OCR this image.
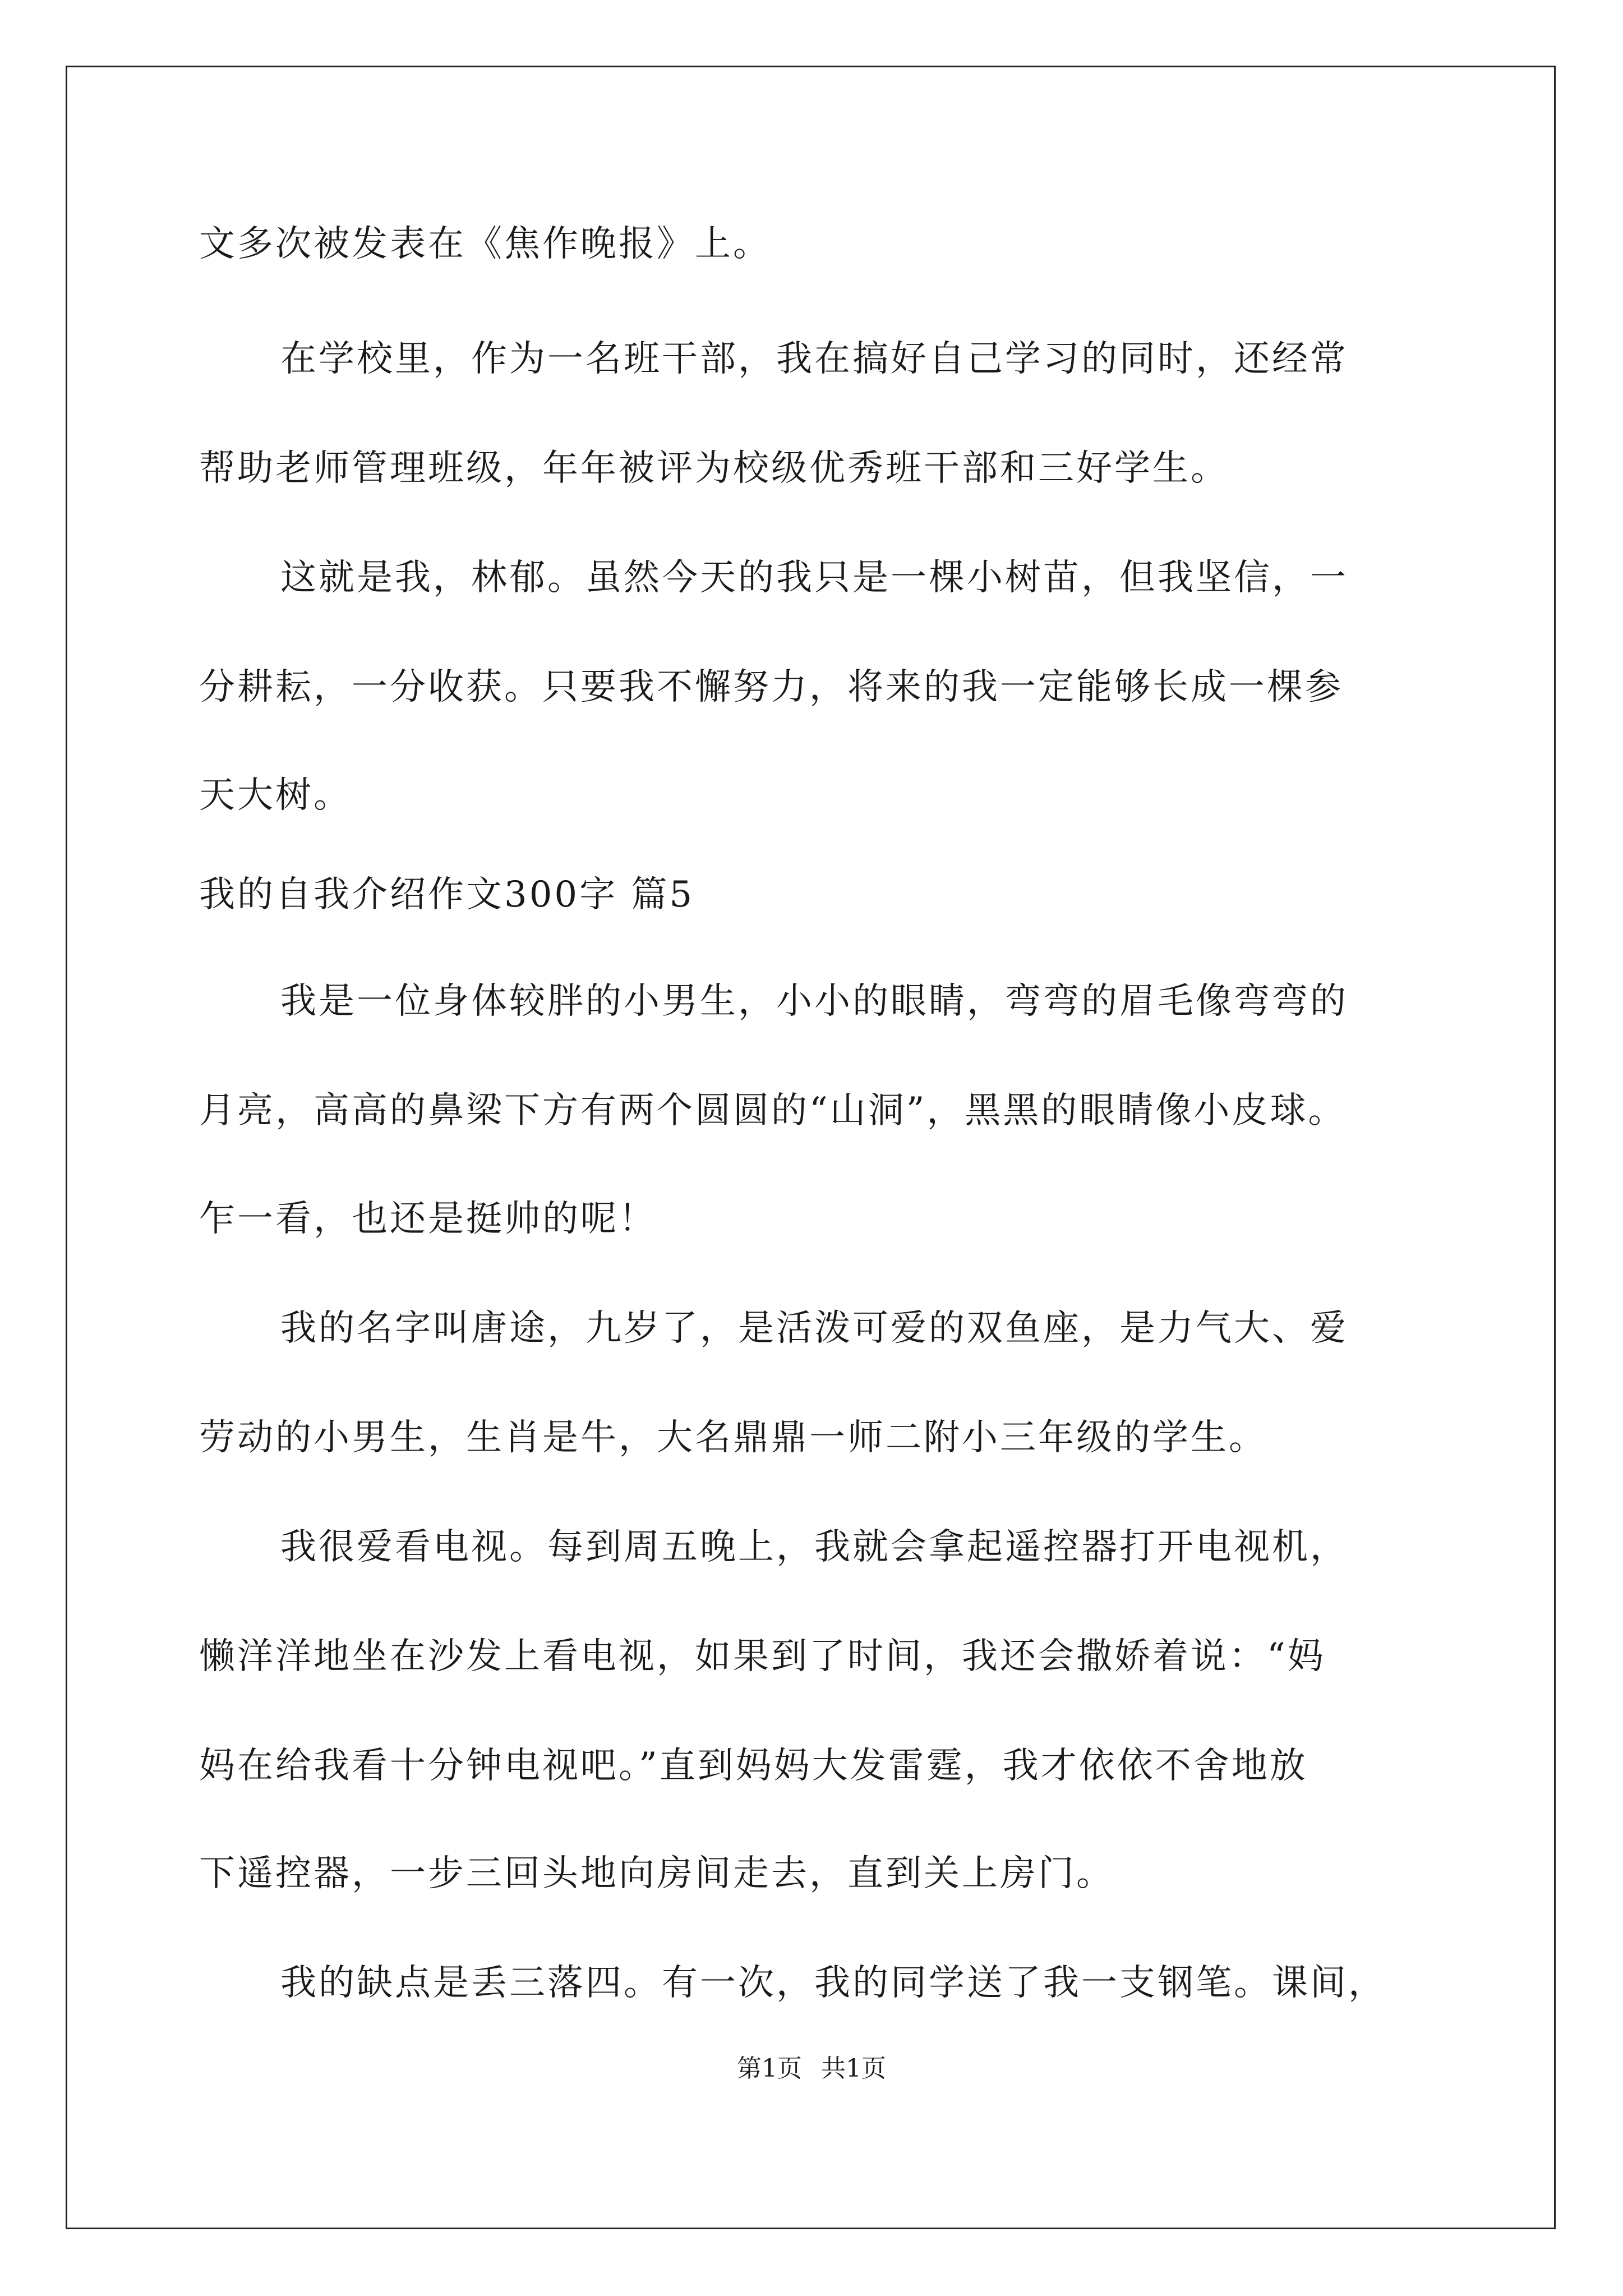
文多次被发表在《焦作晚报》上。
在学校里，作为一名班干部，我在搞好自己学习的同时，还经常
帮助老师管理班级，年年被评为校级优秀班干部和三好学生。
这就是我，林郁。虽然今天的我只是一棵小树苗，但我坚信，一
分耕耘，一分收获。只要我不懈努力，将来的我一定能够长成一棵参
天大树。
我的自我介绍作文300字 篇5
我是一位身体较胖的小男生，小小的眼睛，弯弯的眉毛像弯弯的
月亮，高高的鼻梁下方有两个圆圆的“山洞”，黑黑的眼睛像小皮球。
乍一看，也还是挺帅的呢！
我的名字叫唐途，九岁了，是活泼可爱的双鱼座，是力气大、爱
劳动的小男生，生肖是牛，大名鼎鼎一师二附小三年级的学生。
我很爱看电视。每到周五晚上，我就会拿起遥控器打开电视机，
懒洋洋地坐在沙发上看电视，如果到了时间，我还会撒娇着说：“妈
妈在给我看十分钟电视吧。”直到妈妈大发雷霆，我才依依不舍地放
下遥控器，一步三回头地向房间走去，直到关上房门。
我的缺点是丢三落四。有一次，我的同学送了我一支钢笔。课间，
第1页 共1页
